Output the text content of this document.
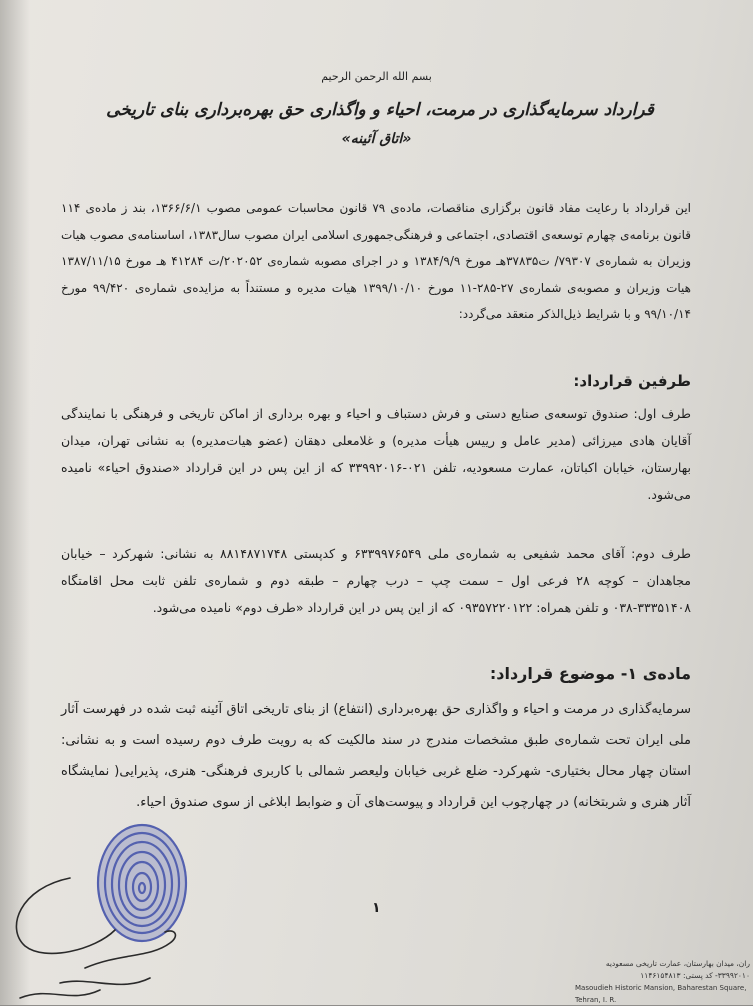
بسم الله الرحمن الرحیم
قرارداد سرمایه‌گذاری در مرمت، احیاء و واگذاری حق بهره‌برداری بنای تاریخی
«اتاق آئینه»
این قرارداد با رعایت مفاد قانون برگزاری مناقصات، ماده‌ی ۷۹ قانون محاسبات عمومی مصوب ۱۳۶۶/۶/۱، بند ز ماده‌ی ۱۱۴ قانون برنامه‌ی چهارم توسعه‌ی اقتصادی، اجتماعی و فرهنگی‌جمهوری اسلامی ایران مصوب سال۱۳۸۳، اساسنامه‌ی مصوب هیات وزیران به شماره‌ی ۷۹۳۰۷/ ت۳۷۸۳۵هـ مورخ ۱۳۸۴/۹/۹ و در اجرای مصوبه شماره‌ی ۲۰۲۰۵۲/ت ۴۱۲۸۴ هـ مورخ ۱۳۸۷/۱۱/۱۵ هیات وزیران و مصوبه‌ی شماره‌ی ۲۷-۲۸۵-۱۱ مورخ ۱۳۹۹/۱۰/۱۰ هیات مدیره و مستنداً به مزایده‌ی شماره‌ی ۹۹/۴۲۰ مورخ ۹۹/۱۰/۱۴ و با شرایط ذیل‌الذکر منعقد می‌گردد:
طرفین قرارداد:
طرف اول: صندوق توسعه‌ی صنایع دستی و فرش دستباف و احیاء و بهره برداری از اماکن تاریخی و فرهنگی با نمایندگی آقایان هادی میرزائی (مدیر عامل و رییس هیأت مدیره) و غلامعلی دهقان (عضو هیات‌مدیره) به نشانی تهران، میدان بهارستان، خیابان اکباتان، عمارت مسعودیه، تلفن ۰۲۱-۳۳۹۹۲۰۱۶ که از این پس در این قرارداد «صندوق احیاء» نامیده می‌شود.
طرف دوم: آقای محمد شفیعی به شماره‌ی ملی ۶۳۳۹۹۷۶۵۴۹ و کدپستی ۸۸۱۴۸۷۱۷۴۸ به نشانی: شهرکرد – خیابان مجاهدان – کوچه ۲۸ فرعی اول – سمت چپ – درب چهارم – طبقه دوم و شماره‌ی تلفن ثابت محل اقامتگاه ۳۳۳۵۱۴۰۸-۰۳۸ و تلفن همراه: ۰۹۳۵۷۲۲۰۱۲۲ که از این پس در این قرارداد «طرف دوم» نامیده می‌شود.
ماده‌ی ۱- موضوع قرارداد:
سرمایه‌گذاری در مرمت و احیاء و واگذاری حق بهره‌برداری (انتفاع) از بنای تاریخی اتاق آئینه ثبت شده در فهرست آثار ملی ایران تحت شماره‌ی طبق مشخصات مندرج در سند مالکیت که به رویت طرف دوم رسیده است و به نشانی: استان چهار محال بختیاری- شهرکرد- ضلع غربی خیابان ولیعصر شمالی با کاربری فرهنگی- هنری، پذیرایی( نمایشگاه آثار هنری و شربتخانه) در چهارچوب این قرارداد و پیوست‌های آن و ضوابط ابلاغی از سوی صندوق احیاء.
۱
ران، میدان بهارستان، عمارت تاریخی مسعودیه
۳۳۹۹۲۰۱۰- کد پستی: ۱۱۴۶۱۵۴۸۱۳
Masoudieh Historic Mansion, Baharestan Square, Tehran, I. R.
